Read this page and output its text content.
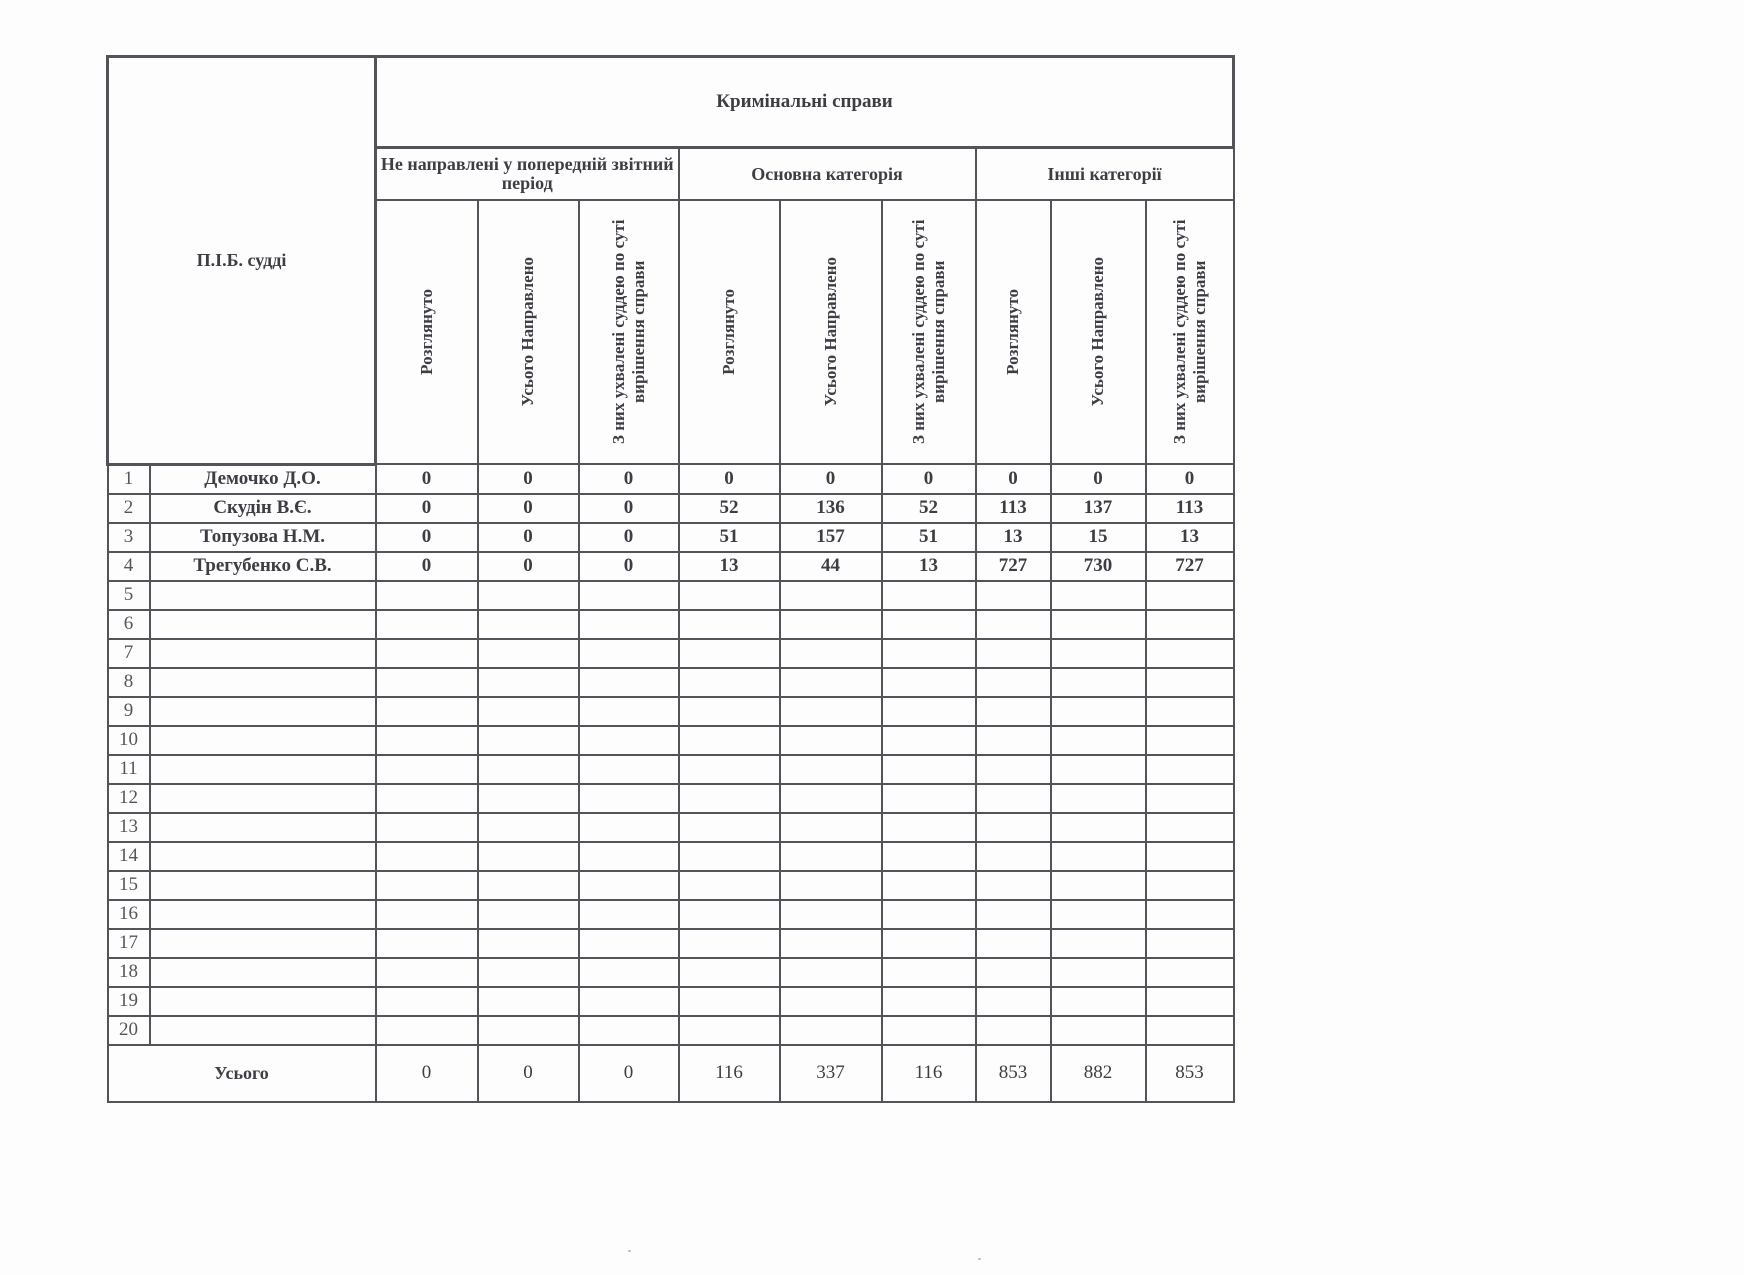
П.І.Б. судді		Кримінальні справи								
		Не направлені у попередній звітний період			Основна категорія			Інші категорії		

		Розглянуто	Усього Направлено	З них ухвалені суддею по суті вирішення справи	Розглянуто	Усього Направлено	З них ухвалені суддею по суті вирішення справи	Розглянуто	Усього Направлено	З них ухвалені суддею по суті вирішення справи

1	Демочко Д.О.	0	0	0	0	0	0	0	0	0
2	Скудін В.Є.	0	0	0	52	136	52	113	137	113
3	Топузова Н.М.	0	0	0	51	157	51	13	15	13
4	Трегубенко С.В.	0	0	0	13	44	13	727	730	727
5										
6										
7										
8										
9										
10										
11										
12										
13										
14										
15										
16										
17										
18										
19										
20										
Усього		0	0	0	116	337	116	853	882	853
